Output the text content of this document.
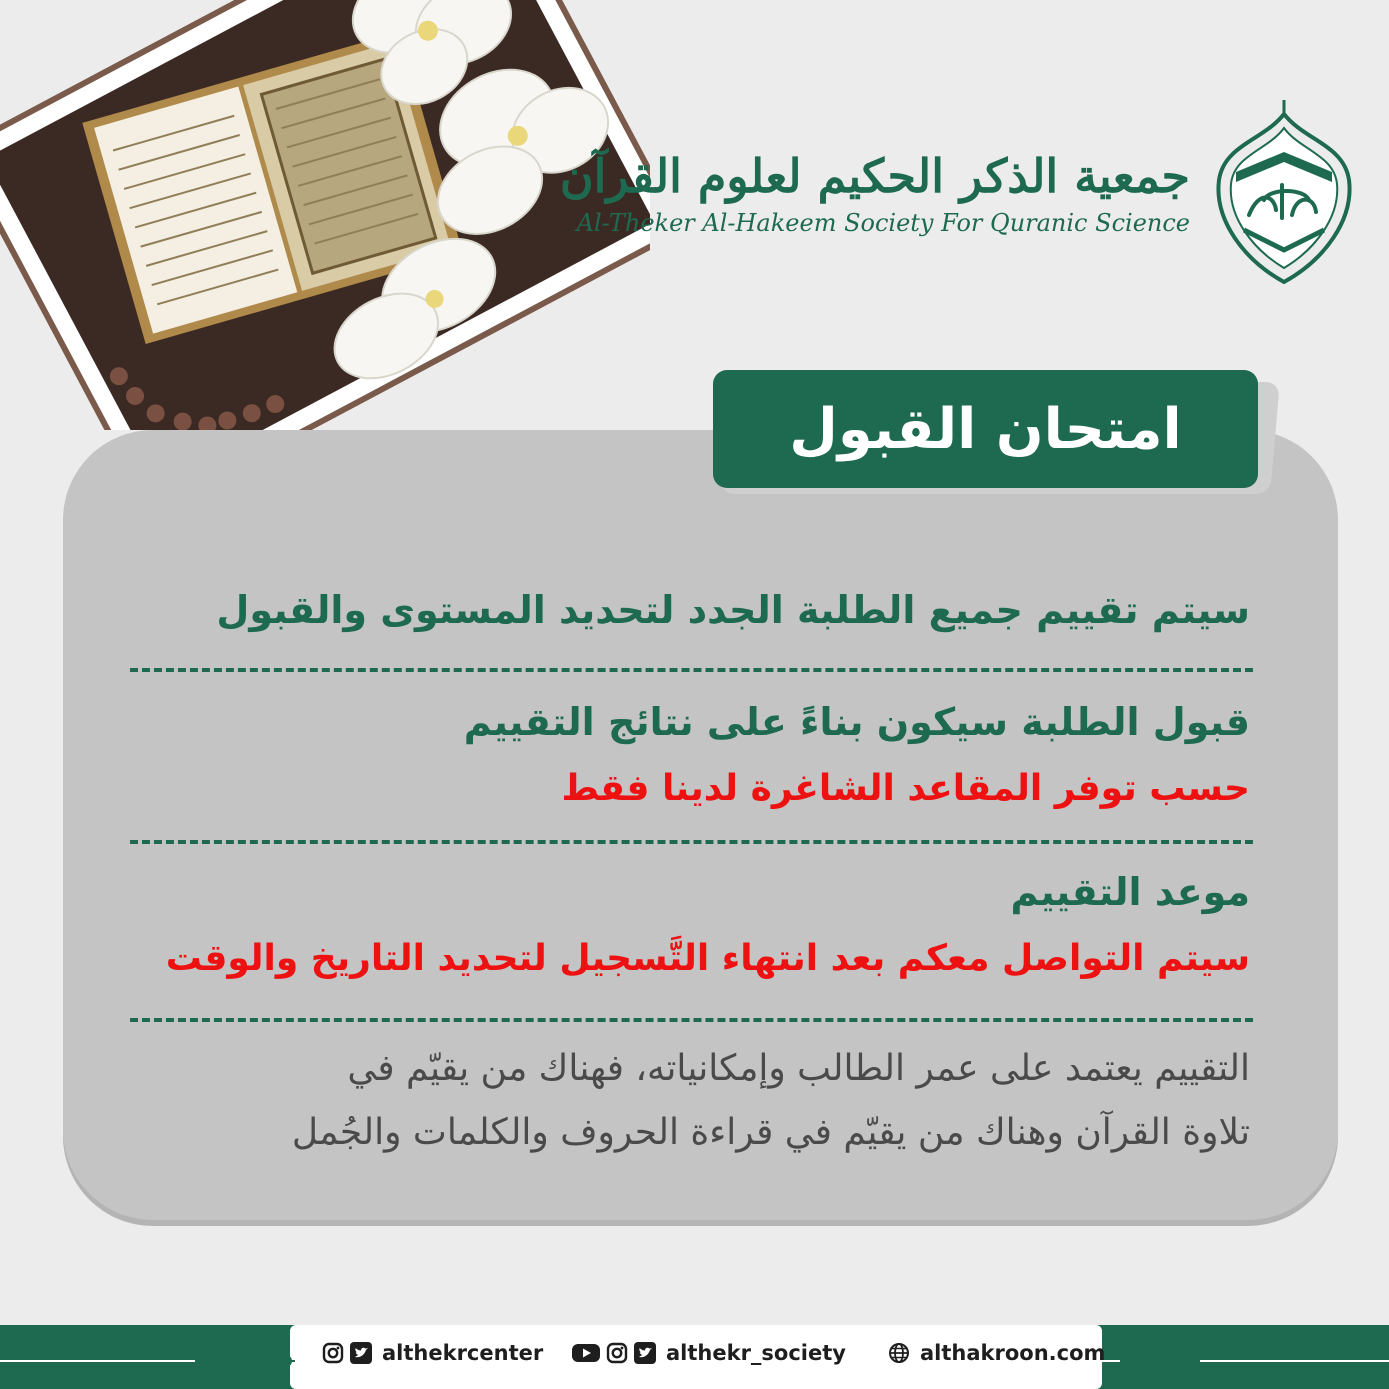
جمعية الذكر الحكيم لعلوم القرآن
Al-Theker Al-Hakeem Society For Quranic Science
امتحان القبول
سيتم تقييم جميع الطلبة الجدد لتحديد المستوى والقبول
قبول الطلبة سيكون بناءً على نتائج التقييم
حسب توفر المقاعد الشاغرة لدينا فقط
موعد التقييم
سيتم التواصل معكم بعد انتهاء التَّسجيل لتحديد التاريخ والوقت
التقييم يعتمد على عمر الطالب وإمكانياته، فهناك من يقيّم في
تلاوة القرآن وهناك من يقيّم في قراءة الحروف والكلمات والجُمل
althekrcenter	althekr_society	althakroon.com
